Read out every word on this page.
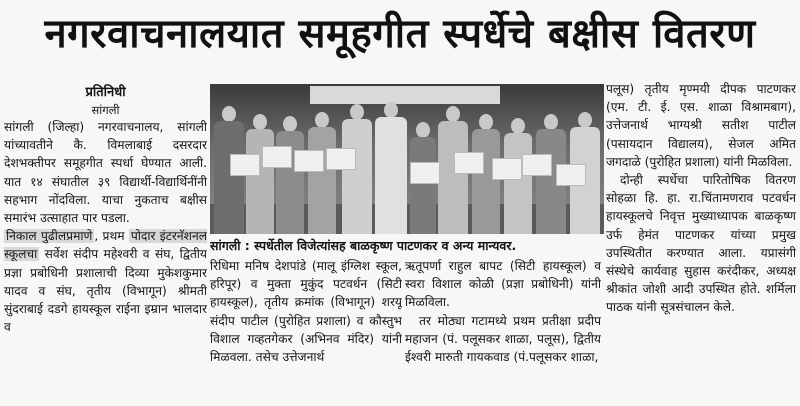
नगरवाचनालयात समूहगीत स्पर्धेचे बक्षीस वितरण
प्रतिनिधी
सांगली

सांगली (जिल्हा) नगरवाचनालय, सांगली यांच्यावतीने कै. विमलाबाई दसरदार देशभक्तीपर समूहगीत स्पर्धा घेण्यात आली. यात १४ संघातील ३९ विद्यार्थी-विद्यार्थिनींनी सहभाग नोंदविला. याचा नुकताच बक्षीस समारंभ उत्साहात पार पडला.

निकाल पुढीलप्रमाणे , प्रथम पोदार इंटरनॅशनल स्कूलचा सर्वेश संदीप महेश्वरी व संघ, द्वितीय प्रज्ञा प्रबोधिनी प्रशालाची दिव्या मुकेशकुमार यादव व संघ, तृतीय (विभागून) श्रीमती सुंदराबाई दडगे हायस्कूल राईना इम्रान भालदार व

सांगली : स्पर्धेतील विजेत्यांसह बाळकृष्ण पाटणकर व अन्य मान्यवर.

रिधिमा मनिष देशपांडे (मालू इंग्लिश स्कूल, हरिपूर) व मुक्ता मुकुंद पटवर्धन (सिटी हायस्कूल), तृतीय क्रमांक (विभागून) शरयू संदीप पाटील (पुरोहित प्रशाला) व कौस्तुभ विशाल गव्हतगेकर (अभिनव मंदिर) यांनी मिळवला. तसेच उत्तेजनार्थ

ऋतूपर्णा राहुल बापट (सिटी हायस्कूल) व स्वरा विशाल कोळी (प्रज्ञा प्रबोधिनी) यांनी मिळविला.

तर मोठ्या गटामध्ये प्रथम प्रतीक्षा प्रदीप महाजन (पं. पलूसकर शाळा, पलूस), द्वितीय ईश्वरी मारुती गायकवाड (पं.पलूसकर शाळा,

पलूस) तृतीय मृण्मयी दीपक पाटणकर (एम. टी. ई. एस. शाळा विश्रामबाग), उत्तेजनार्थ भाग्यश्री सतीश पाटील (पसायदान विद्यालय), सेजल अमित जगदाळे (पुरोहित प्रशाला) यांनी मिळविला.

दोन्ही स्पर्धेचा पारितोषिक वितरण सोहळा हि. हा. रा.चिंतामणराव पटवर्धन हायस्कूलचे निवृत्त मुख्याध्यापक बाळकृष्ण उर्फ हेमंत पाटणकर यांच्या प्रमुख उपस्थितीत करण्यात आला. यप्रासंगी संस्थेचे कार्यवाह सुहास करंदीकर, अध्यक्ष श्रीकांत जोशी आदी उपस्थित होते. शर्मिला पाठक यांनी सूत्रसंचालन केले.
